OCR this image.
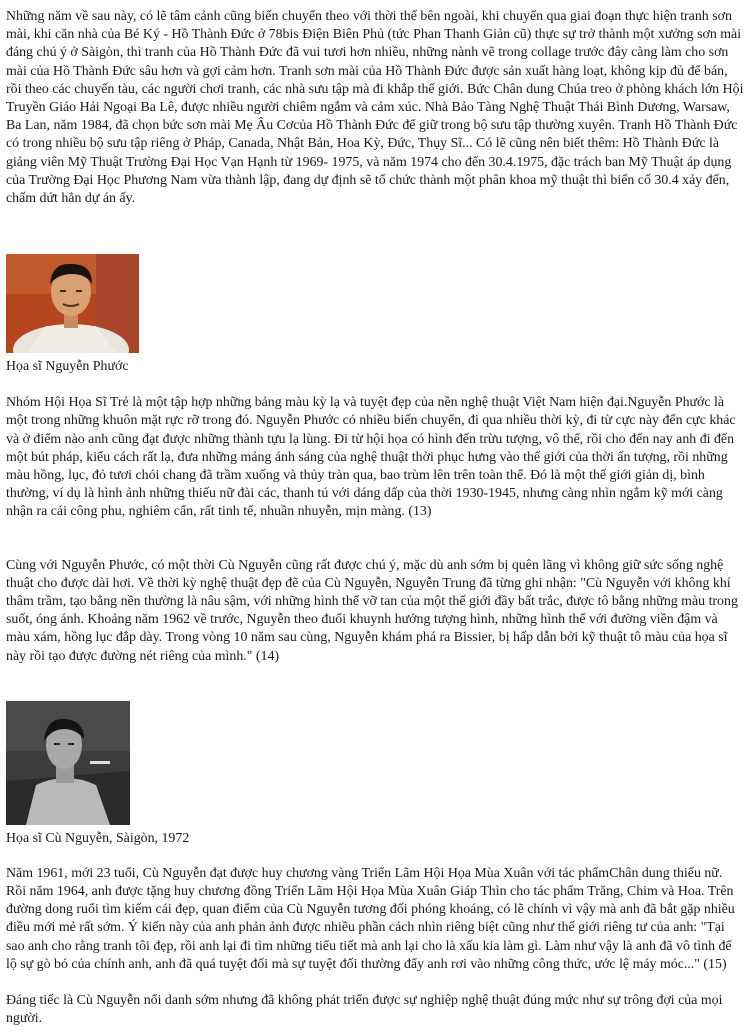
Những năm về sau này, có lẽ tâm cảnh cũng biến chuyển theo với thời thế bên ngoài, khi chuyển qua giai đoạn thực hiện tranh sơn mài, khi căn nhà của Bé Ký - Hồ Thành Đức ở 78bis Điện Biên Phủ (tức Phan Thanh Giản cũ) thực sự trở thành một xưởng sơn mài đáng chú ý ở Sàigòn, thì tranh của Hồ Thành Đức đã vui tươi hơn nhiều, những nành vẽ trong collage trước đây càng làm cho sơn mài của Hồ Thành Đức sâu hơn và gợi cảm hơn. Tranh sơn mài của Hồ Thành Đức được sản xuất hàng loạt, không kịp đủ để bán, rồi theo các chuyến tàu, các người chơi tranh, các nhà sưu tập mà đi khắp thế giới. Bức Chân dung Chúa treo ở phòng khách lớn Hội Truyền Giáo Hải Ngoại Ba Lê, được nhiều người chiêm ngắm và cảm xúc. Nhà Bảo Tàng Nghệ Thuật Thái Bình Dương, Warsaw, Ba Lan, năm 1984, đã chọn bức sơn mài Mẹ Âu Cơcủa Hồ Thành Đức để giữ trong bộ sưu tập thường xuyên. Tranh Hồ Thành Đức có trong nhiều bộ sưu tập riêng ở Pháp, Canada, Nhật Bản, Hoa Kỳ, Đức, Thụy Sĩ... Có lẽ cũng nên biết thêm: Hồ Thành Đức là giảng viên Mỹ Thuật Trường Đại Học Vạn Hạnh từ 1969- 1975, và năm 1974 cho đến 30.4.1975, đặc trách ban Mỹ Thuật áp dụng của Trường Đại Học Phương Nam vừa thành lập, đang dự định sẽ tổ chức thành một phân khoa mỹ thuật thì biến cố 30.4 xảy đến, chấm dứt hẳn dự án ấy.

Họa sĩ Nguyễn Phước

Nhóm Hội Họa Sĩ Trẻ là một tập hợp những bảng màu kỳ lạ và tuyệt đẹp của nền nghệ thuật Việt Nam hiện đại.Nguyễn Phước là một trong những khuôn mặt rực rỡ trong đó. Nguyễn Phước có nhiều biến chuyển, đi qua nhiều thời kỳ, đi từ cực này đến cực khác và ở điểm nào anh cũng đạt được những thành tựu lạ lùng. Đi từ hội họa có hình đến trừu tượng, vô thể, rồi cho đến nay anh đi đến một bút pháp, kiểu cách rất lạ, đưa những mảng ánh sáng của nghệ thuật thời phục hưng vào thế giới của thời ấn tượng, rồi những màu hồng, lục, đỏ tươi chói chang đã trầm xuống và thủy tràn qua, bao trùm lên trên toàn thể. Đó là một thế giới giản dị, bình thường, ví dụ là hình ảnh những thiếu nữ đài các, thanh tú với dáng dấp của thời 1930-1945, nhưng càng nhìn ngắm kỹ mới càng nhận ra cái công phu, nghiêm cẩn, rất tinh tế, nhuần nhuyễn, mịn màng. (13)

Cùng với Nguyễn Phước, có một thời Cù Nguyễn cũng rất được chú ý, mặc dù anh sớm bị quên lãng vì không giữ sức sống nghệ thuật cho được dài hơi. Về thời kỳ nghệ thuật đẹp đẽ của Cù Nguyễn, Nguyễn Trung đã từng ghi nhận: "Cù Nguyễn với không khí thâm trầm, tạo bằng nền thường là nâu sậm, với những hình thể vỡ tan của một thế giới đầy bất trắc, được tô bằng những màu trong suốt, óng ánh. Khoảng năm 1962 về trước, Nguyễn theo đuổi khuynh hướng tượng hình, những hình thể với đường viền đậm và màu xám, hồng lục đắp dày. Trong vòng 10 năm sau cùng, Nguyễn khám phá ra Bissier, bị hấp dẫn bởi kỹ thuật tô màu của họa sĩ này rồi tạo được đường nét riêng của mình." (14)

Họa sĩ Cù Nguyễn, Sàigòn, 1972

Năm 1961, mới 23 tuổi, Cù Nguyễn đạt được huy chương vàng Triển Lãm Hội Họa Mùa Xuân với tác phẩmChân dung thiếu nữ. Rồi năm 1964, anh được tặng huy chương đồng Triển Lãm Hội Họa Mùa Xuân Giáp Thìn cho tác phẩm Trăng, Chim và Hoa. Trên đường dong ruổi tìm kiếm cái đẹp, quan điểm của Cù Nguyễn tương đối phóng khoáng, có lẽ chính vì vậy mà anh đã bắt gặp nhiều điều mới mẻ rất sớm. Ý kiến này của anh phản ảnh được nhiều phần cách nhìn riêng biệt cũng như thế giới riêng tư của anh: "Tại sao anh cho rằng tranh tôi đẹp, rồi anh lại đi tìm những tiểu tiết mà anh lại cho là xấu kia làm gì. Làm như vậy là anh đã vô tình để lộ sự gò bó của chính anh, anh đã quá tuyệt đối mà sự tuyệt đối thường đẩy anh rơi vào những công thức, ước lệ máy móc..." (15)

Đáng tiếc là Cù Nguyễn nổi danh sớm nhưng đã không phát triển được sự nghiệp nghệ thuật đúng mức như sự trông đợi của mọi người.
